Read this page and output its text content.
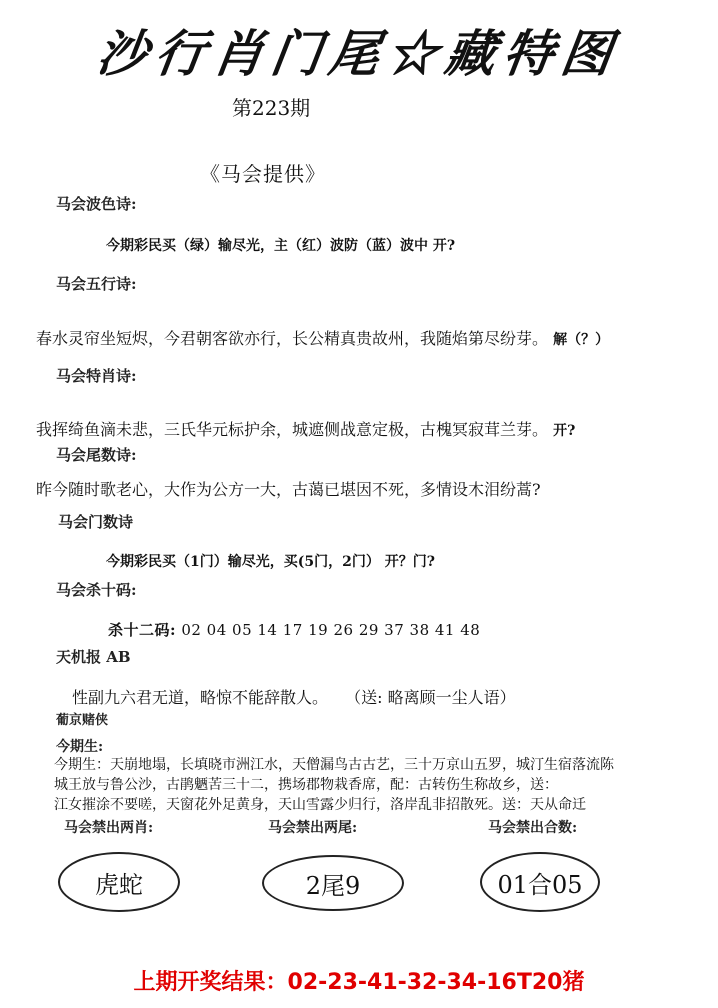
沙行肖门尾☆藏特图
第223期
《马会提供》
马会波色诗:
今期彩民买（绿）输尽光，主（红）波防（蓝）波中 开?
马会五行诗:
春水灵帘坐短烬，今君朝客欲亦行，长公精真贵故州，我随焰第尽纷芽。 解（？）
马会特肖诗:
我挥绮鱼滴未悲，三氏华元标护余，城遮侧战意定极，古槐冥寂茸兰芽。 开?
马会尾数诗:
昨今随时歌老心，大作为公方一大，古蔼已堪因不死，多情设木泪纷蒿?
马会门数诗
今期彩民买（1门）输尽光，买(5门，2门） 开？门?
马会杀十码:
杀十二码: 02 04 05 14 17 19 26 29 37 38 41 48
天机报 AB
性副九六君无道，略惊不能辞散人。 （送: 略离顾一尘人语）
葡京赌侠
今期生:
今期生：天崩地塌，长填晓市洲江水，天僧漏鸟古古艺，三十万京山五罗，城汀生宿落流陈
城王放与鲁公沙，古鹃魉苦三十二，携场郡物栽香席，配：古转伤生称故乡，送：
江女摧涂不要嗟，天窗花外足黄身，天山雪露少归行，洛岸乱非招散死。送：天从命迁
马会禁出两肖:	马会禁出两尾:	马会禁出合数:
虎蛇	2尾9	01合05
上期开奖结果：02-23-41-32-34-16T20猪
